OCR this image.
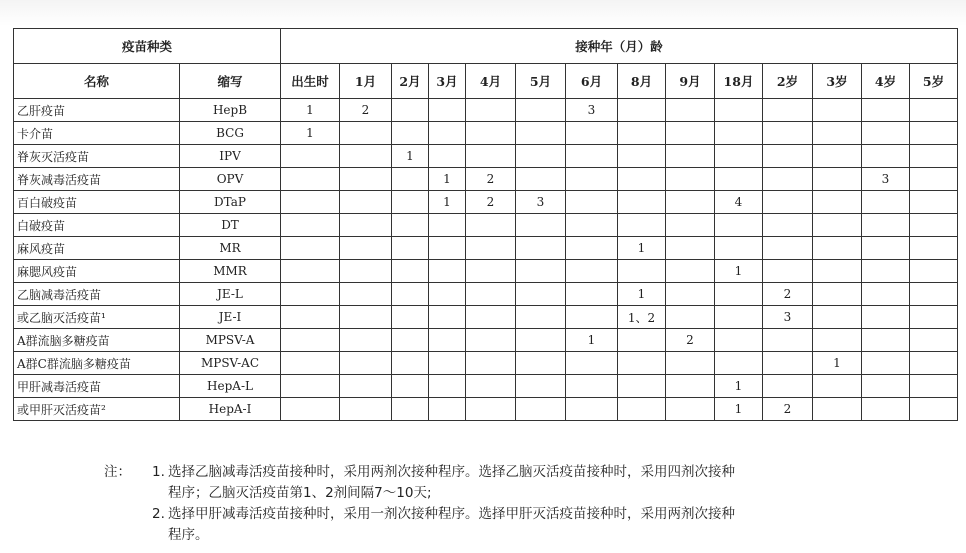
疫苗种类		接种年（月）龄													
名称	缩写	出生时	1月	2月	3月	4月	5月	6月	8月	9月	18月	2岁	3岁	4岁	5岁
乙肝疫苗	HepB	1	2					3							
卡介苗	BCG	1													
脊灰灭活疫苗	IPV			1											
脊灰减毒活疫苗	OPV				1	2								3	
百白破疫苗	DTaP				1	2	3				4				
白破疫苗	DT														
麻风疫苗	MR								1						
麻腮风疫苗	MMR										1				
乙脑减毒活疫苗	JE-L								1			2			
或乙脑灭活疫苗¹	JE-I								1、2			3			
A群流脑多糖疫苗	MPSV-A							1		2					
A群C群流脑多糖疫苗	MPSV-AC												1		
甲肝减毒活疫苗	HepA-L										1				
或甲肝灭活疫苗²	HepA-I										1	2			
注：	1. 选择乙脑减毒活疫苗接种时，采用两剂次接种程序。选择乙脑灭活疫苗接种时，采用四剂次接种
程序；乙脑灭活疫苗第1、2剂间隔7～10天;
2. 选择甲肝减毒活疫苗接种时，采用一剂次接种程序。选择甲肝灭活疫苗接种时，采用两剂次接种
程序。
